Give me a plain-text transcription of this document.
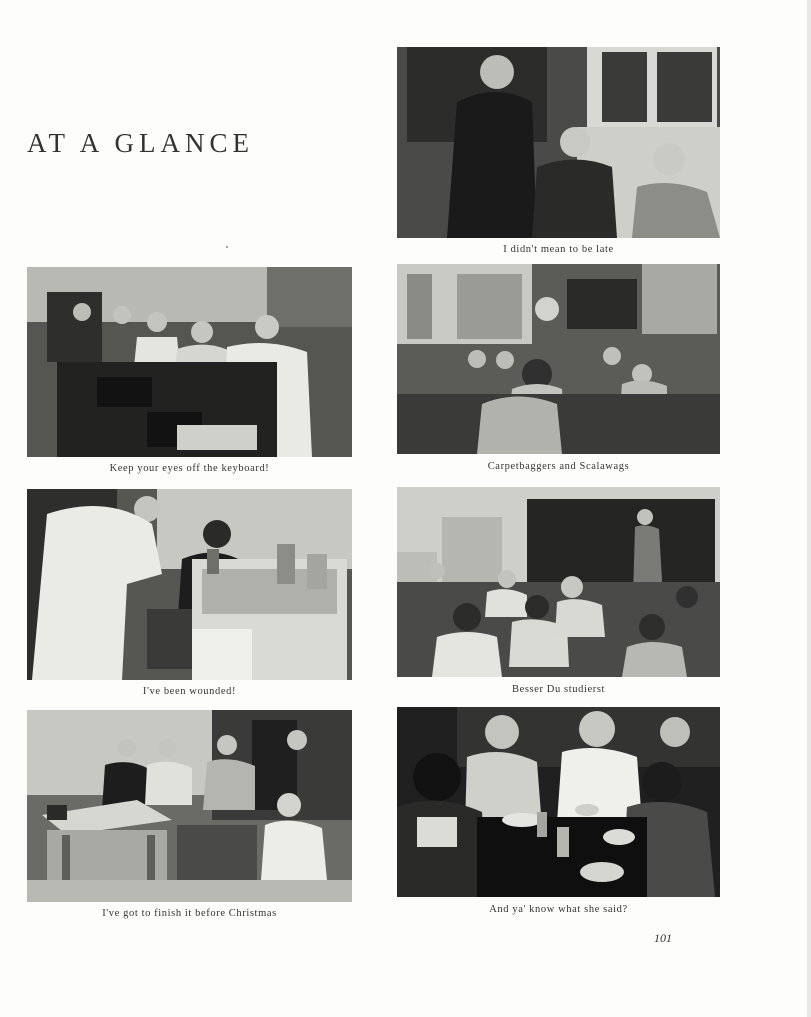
AT A GLANCE
I didn't mean to be late
Keep your eyes off the keyboard!	Carpetbaggers and Scalawags
I've been wounded!	Besser Du studierst
I've got to finish it before Christmas	And ya' know what she said?
101
